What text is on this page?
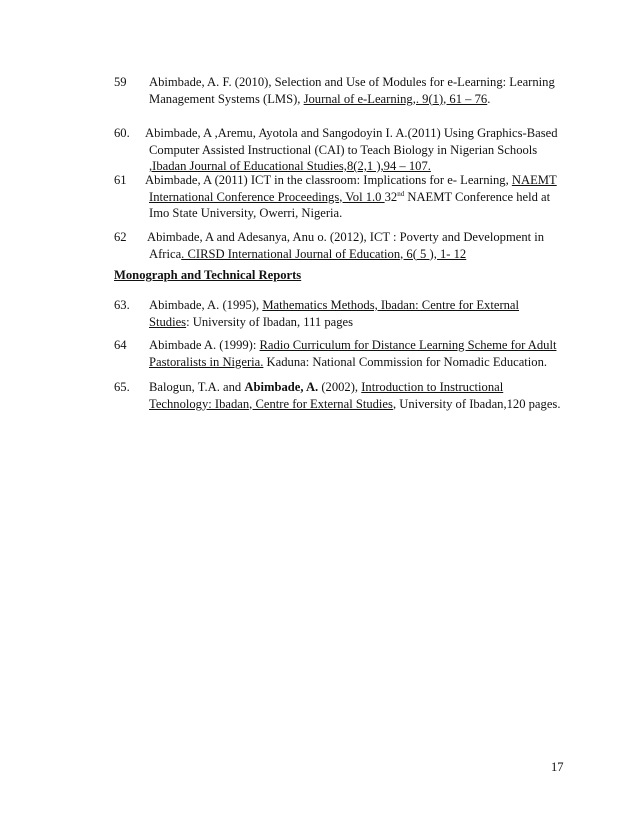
59 Abimbade, A. F. (2010), Selection and Use of Modules for e-Learning: Learning
Management Systems (LMS), Journal of e-Learning,. 9(1), 61 – 76.
60. Abimbade, A ,Aremu, Ayotola and Sangodoyin I. A.(2011) Using Graphics-Based
Computer Assisted Instructional (CAI) to Teach Biology in Nigerian Schools
,Ibadan Journal of Educational Studies,8(2,1 ),94 – 107.
61 Abimbade, A (2011) ICT in the classroom: Implications for e- Learning, NAEMT
International Conference Proceedings, Vol 1.0 32nd NAEMT Conference held at
Imo State University, Owerri, Nigeria.
62 Abimbade, A and Adesanya, Anu o. (2012), ICT : Poverty and Development in
Africa. CIRSD International Journal of Education, 6( 5 ), 1- 12
Monograph and Technical Reports
63. Abimbade, A. (1995), Mathematics Methods, Ibadan: Centre for External
Studies: University of Ibadan, 111 pages
64 Abimbade A. (1999): Radio Curriculum for Distance Learning Scheme for Adult
Pastoralists in Nigeria. Kaduna: National Commission for Nomadic Education.
65. Balogun, T.A. and Abimbade, A. (2002), Introduction to Instructional
Technology: Ibadan, Centre for External Studies, University of Ibadan,120 pages.
17
